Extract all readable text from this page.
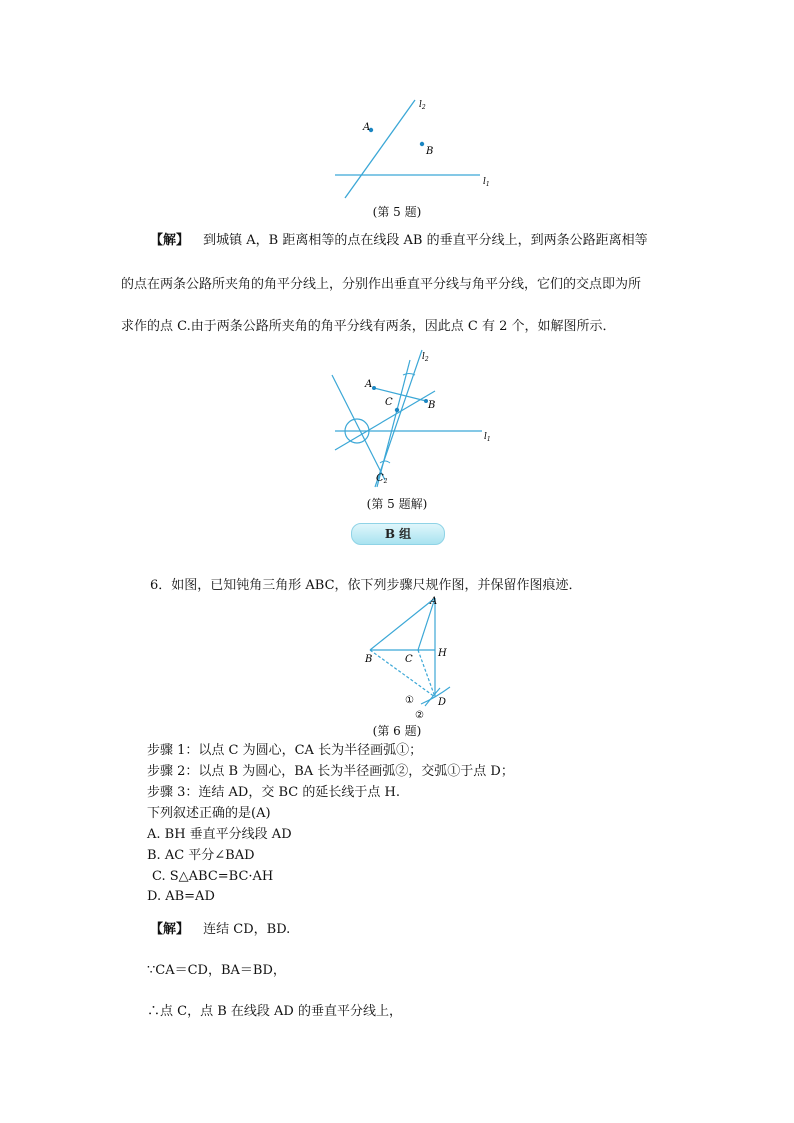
A
B
$l_2$
$l_1$
(第 5 题)
【解】 到城镇 A，B 距离相等的点在线段 AB 的垂直平分线上，到两条公路距离相等
的点在两条公路所夹角的角平分线上，分别作出垂直平分线与角平分线，它们的交点即为所
求作的点 C.由于两条公路所夹角的角平分线有两条，因此点 C 有 2 个，如解图所示．
A
B
C
$C_2$
$l_2$
$l_1$
(第 5 题解)
B 组
6．如图，已知钝角三角形 ABC，依下列步骤尺规作图，并保留作图痕迹．
A
B	C
H
D
①
②
(第 6 题)
步骤 1：以点 C 为圆心，CA 长为半径画弧①；
步骤 2：以点 B 为圆心，BA 长为半径画弧②，交弧①于点 D；
步骤 3：连结 AD，交 BC 的延长线于点 H.
下列叙述正确的是(A)
A. BH 垂直平分线段 AD
B. AC 平分∠BAD
C. S△ABC=BC·AH
D. AB=AD
【解】 连结 CD，BD.
∵CA＝CD，BA＝BD，
∴点 C，点 B 在线段 AD 的垂直平分线上，
